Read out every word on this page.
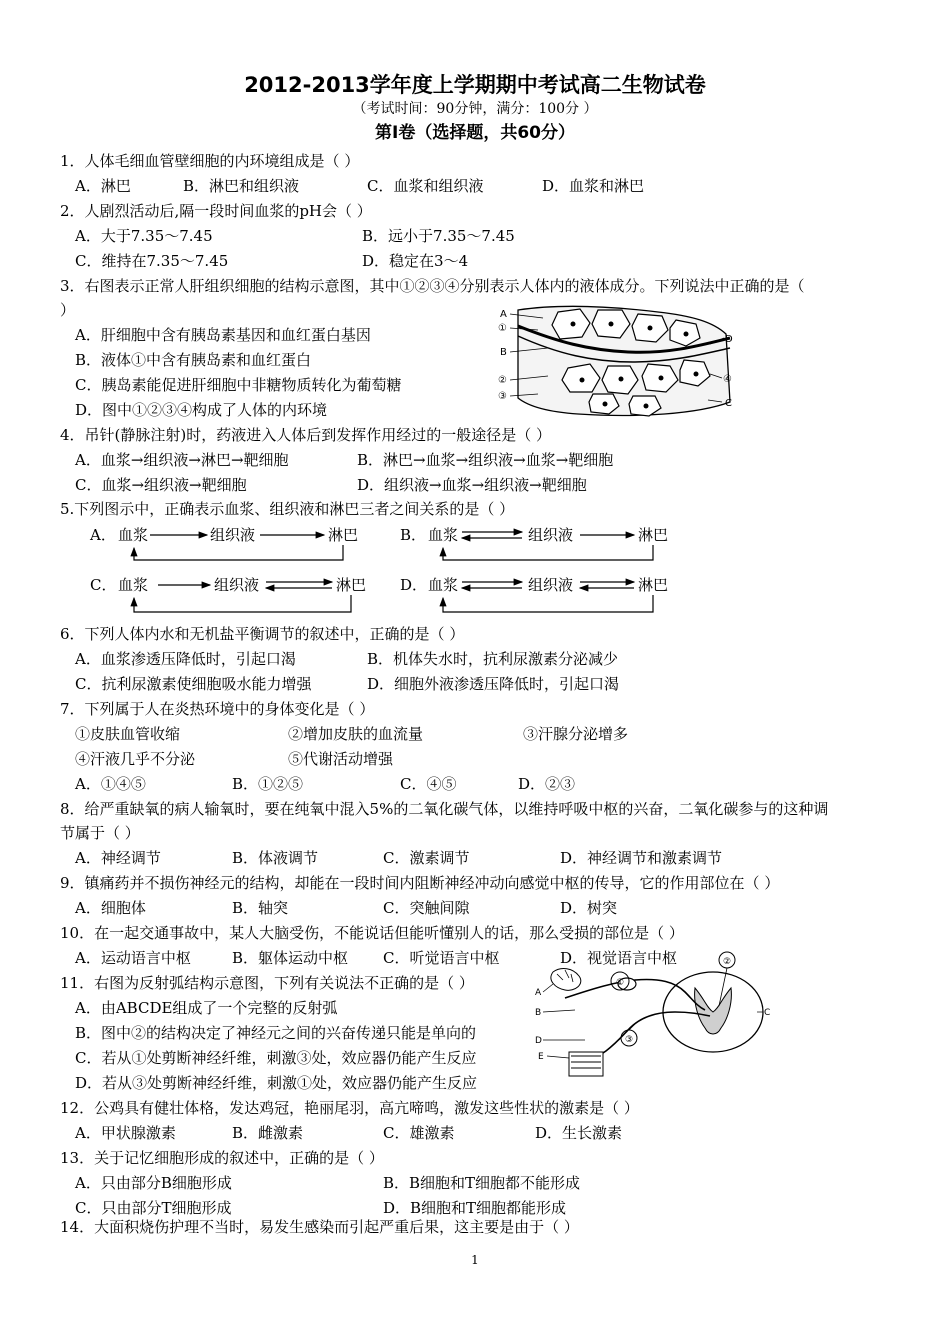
2012-2013学年度上学期期中考试高二生物试卷
（考试时间：90分钟，满分：100分 ）
第Ⅰ卷（选择题，共60分）
1．人体毛细血管壁细胞的内环境组成是（ ）
A．淋巴	B．淋巴和组织液	C．血浆和组织液	D．血浆和淋巴
2．人剧烈活动后,隔一段时间血浆的pH会（ ）
A．大于7.35～7.45	B．远小于7.35～7.45
C．维持在7.35～7.45	D．稳定在3～4
3．右图表示正常人肝组织细胞的结构示意图，其中①②③④分别表示人体内的液体成分。下列说法中正确的是（
）
A．肝细胞中含有胰岛素基因和血红蛋白基因
B．液体①中含有胰岛素和血红蛋白
C．胰岛素能促进肝细胞中非糖物质转化为葡萄糖
D．图中①②③④构成了人体的内环境
A
①
B
D
②	④
③
C
4．吊针(静脉注射)时，药液进入人体后到发挥作用经过的一般途径是（ ）
A．血浆→组织液→淋巴→靶细胞	B．淋巴→血浆→组织液→血浆→靶细胞
C．血浆→组织液→靶细胞	D．组织液→血浆→组织液→靶细胞
5.下列图示中，正确表示血浆、组织液和淋巴三者之间关系的是（ ）
A． 血浆	组织液	淋巴	B． 血浆	组织液	淋巴
C． 血浆	组织液	淋巴 D． 血浆	组织液	淋巴
6．下列人体内水和无机盐平衡调节的叙述中，正确的是（ ）
A．血浆渗透压降低时，引起口渴	B．机体失水时，抗利尿激素分泌减少
C．抗利尿激素使细胞吸水能力增强	D．细胞外液渗透压降低时，引起口渴
7．下列属于人在炎热环境中的身体变化是（ ）
①皮肤血管收缩	②增加皮肤的血流量	③汗腺分泌增多
④汗液几乎不分泌	⑤代谢活动增强
A．①④⑤	B．①②⑤	C．④⑤	D．②③
8．给严重缺氧的病人输氧时，要在纯氧中混入5%的二氧化碳气体，以维持呼吸中枢的兴奋，二氧化碳参与的这种调
节属于（ ）
A．神经调节	B．体液调节	C．激素调节	D．神经调节和激素调节
9．镇痛药并不损伤神经元的结构，却能在一段时间内阻断神经冲动向感觉中枢的传导，它的作用部位在（ ）
A．细胞体	B．轴突	C．突触间隙	D．树突
10．在一起交通事故中，某人大脑受伤，不能说话但能听懂别人的话，那么受损的部位是（ ）
A．运动语言中枢	B．躯体运动中枢 C．听觉语言中枢	D．视觉语言中枢
11．右图为反射弧结构示意图，下列有关说法不正确的是（ ）
A．由ABCDE组成了一个完整的反射弧
B．图中②的结构决定了神经元之间的兴奋传递只能是单向的
C．若从①处剪断神经纤维，刺激③处，效应器仍能产生反应
D．若从③处剪断神经纤维，刺激①处，效应器仍能产生反应
A
B	C
D
E
①
②
③
12．公鸡具有健壮体格，发达鸡冠，艳丽尾羽，高亢啼鸣，激发这些性状的激素是（ ）
A．甲状腺激素	B．雌激素	C．雄激素	D．生长激素
13．关于记忆细胞形成的叙述中，正确的是（ ）
A．只由部分B细胞形成	B．B细胞和T细胞都不能形成
C．只由部分T细胞形成	D．B细胞和T细胞都能形成
14．大面积烧伤护理不当时，易发生感染而引起严重后果，这主要是由于（ ）
1
